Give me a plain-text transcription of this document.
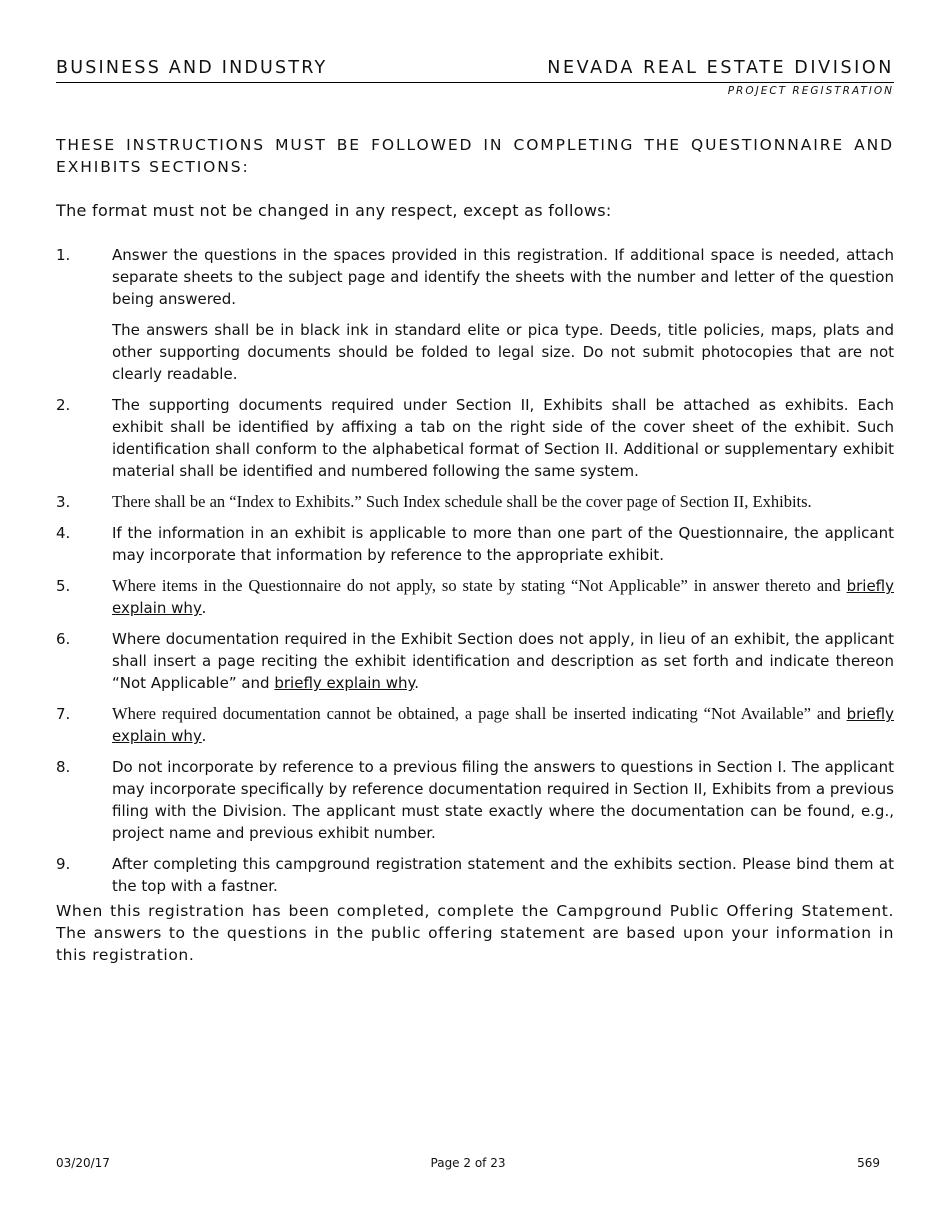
BUSINESS AND INDUSTRY	NEVADA REAL ESTATE DIVISION
PROJECT REGISTRATION
THESE INSTRUCTIONS MUST BE FOLLOWED IN COMPLETING THE QUESTIONNAIRE AND
EXHIBITS SECTIONS:
The format must not be changed in any respect, except as follows:
1.	Answer the questions in the spaces provided in this registration. If additional space is needed, attach separate sheets to the subject page and identify the sheets with the number and letter of the question being answered.

The answers shall be in black ink in standard elite or pica type. Deeds, title policies, maps, plats and other supporting documents should be folded to legal size. Do not submit photocopies that are not clearly readable.

2.	The supporting documents required under Section II, Exhibits shall be attached as exhibits. Each exhibit shall be identified by affixing a tab on the right side of the cover sheet of the exhibit. Such identification shall conform to the alphabetical format of Section II. Additional or supplementary exhibit material shall be identified and numbered following the same system.

3.	There shall be an “Index to Exhibits.” Such Index schedule shall be the cover page of Section II, Exhibits.

4.	If the information in an exhibit is applicable to more than one part of the Questionnaire, the applicant may incorporate that information by reference to the appropriate exhibit.

5.	Where items in the Questionnaire do not apply, so state by stating “Not Applicable” in answer thereto and briefly explain why.

6.	Where documentation required in the Exhibit Section does not apply, in lieu of an exhibit, the applicant shall insert a page reciting the exhibit identification and description as set forth and indicate thereon “Not Applicable” and briefly explain why.

7.	Where required documentation cannot be obtained, a page shall be inserted indicating “Not Available” and briefly explain why.

8.	Do not incorporate by reference to a previous filing the answers to questions in Section I. The applicant may incorporate specifically by reference documentation required in Section II, Exhibits from a previous filing with the Division. The applicant must state exactly where the documentation can be found, e.g., project name and previous exhibit number.

9.	After completing this campground registration statement and the exhibits section. Please bind them at the top with a fastner.

When this registration has been completed, complete the Campground Public Offering Statement. The answers to the questions in the public offering statement are based upon your information in this registration.
03/20/17	Page 2 of 23	569
